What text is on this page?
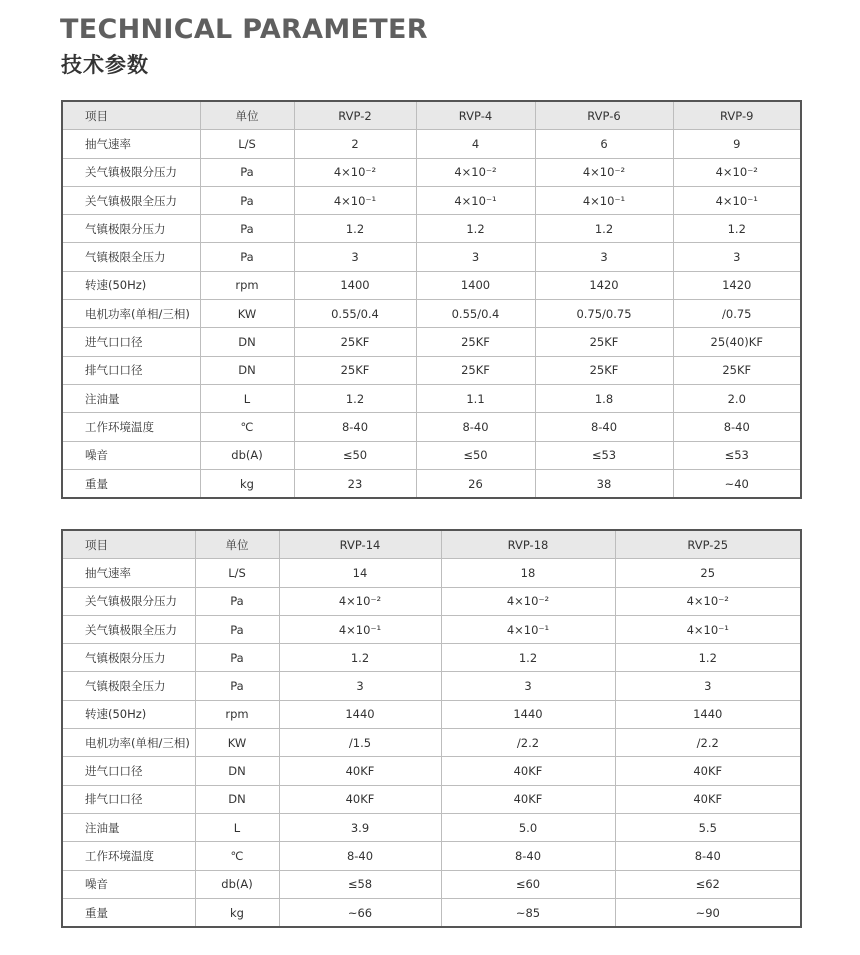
TECHNICAL PARAMETER
技术参数
项目	单位	RVP-2	RVP-4	RVP-6	RVP-9
抽气速率	L/S	2	4	6	9
关气镇极限分压力	Pa	4×10⁻²	4×10⁻²	4×10⁻²	4×10⁻²
关气镇极限全压力	Pa	4×10⁻¹	4×10⁻¹	4×10⁻¹	4×10⁻¹
气镇极限分压力	Pa	1.2	1.2	1.2	1.2
气镇极限全压力	Pa	3	3	3	3
转速(50Hz)	rpm	1400	1400	1420	1420
电机功率(单相/三相)	KW	0.55/0.4	0.55/0.4	0.75/0.75	/0.75
进气口口径	DN	25KF	25KF	25KF	25(40)KF
排气口口径	DN	25KF	25KF	25KF	25KF
注油量	L	1.2	1.1	1.8	2.0
工作环境温度	℃	8-40	8-40	8-40	8-40
噪音	db(A)	≤50	≤50	≤53	≤53
重量	kg	23	26	38	~40
项目	单位	RVP-14	RVP-18	RVP-25
抽气速率	L/S	14	18	25
关气镇极限分压力	Pa	4×10⁻²	4×10⁻²	4×10⁻²
关气镇极限全压力	Pa	4×10⁻¹	4×10⁻¹	4×10⁻¹
气镇极限分压力	Pa	1.2	1.2	1.2
气镇极限全压力	Pa	3	3	3
转速(50Hz)	rpm	1440	1440	1440
电机功率(单相/三相)	KW	/1.5	/2.2	/2.2
进气口口径	DN	40KF	40KF	40KF
排气口口径	DN	40KF	40KF	40KF
注油量	L	3.9	5.0	5.5
工作环境温度	℃	8-40	8-40	8-40
噪音	db(A)	≤58	≤60	≤62
重量	kg	~66	~85	~90
